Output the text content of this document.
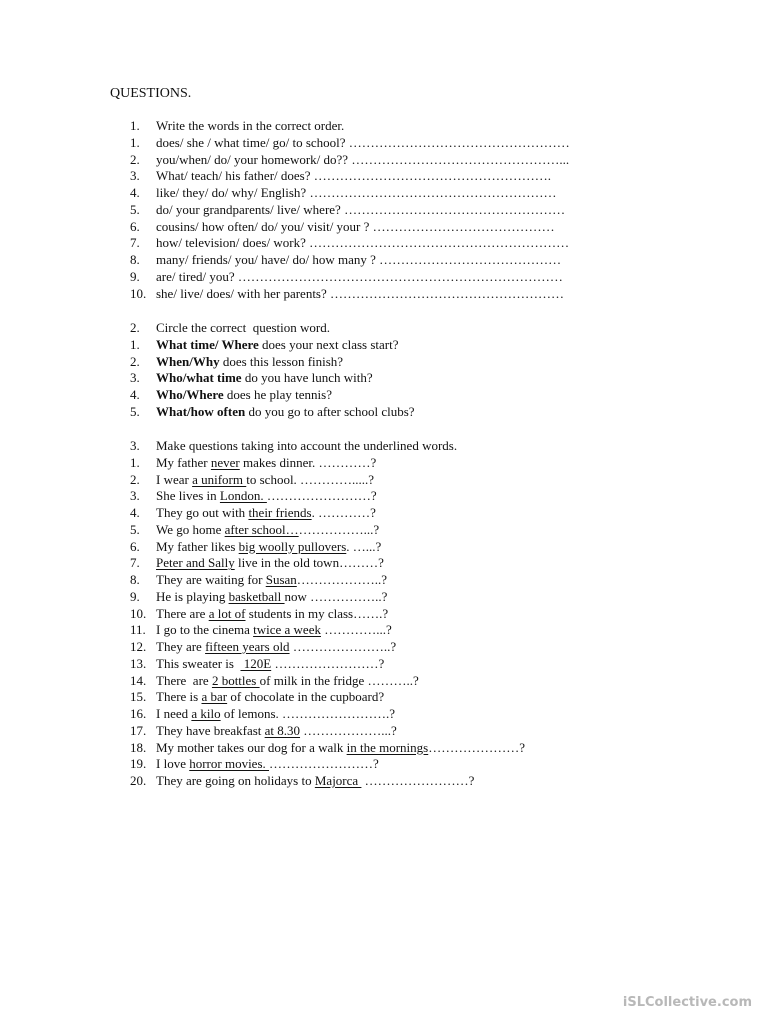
QUESTIONS.
1. Write the words in the correct order.
1. does/ she / what time/ go/ to school? ……………………………………………
2. you/when/ do/ your homework/ do?? …………………………………………...
3. What/ teach/ his father/ does? ……………………………………………….
4. like/ they/ do/ why/ English? …………………………………………………
5. do/ your grandparents/ live/ where? ……………………………………………
6. cousins/ how often/ do/ you/ visit/ your ? ……………………………………
7. how/ television/ does/ work? ……………………………………………………
8. many/ friends/ you/ have/ do/ how many ? ……………………………………
9. are/ tired/ you? …………………………………………………………………
10. she/ live/ does/ with her parents? ………………………………………………
2. Circle the correct  question word.
1. What time/ Where does your next class start?
2. When/Why does this lesson finish?
3. Who/what time do you have lunch with?
4. Who/Where does he play tennis?
5. What/how often do you go to after school clubs?
3. Make questions taking into account the underlined words.
1. My father never makes dinner. …………?
2. I wear a uniform to school. ………….....?
3. She lives in London. ……………………?
4. They go out with their friends. …………?
5. We go home after school………………...?
6. My father likes big woolly pullovers. …...?
7. Peter and Sally live in the old town………?
8. They are waiting for Susan………………..?
9. He is playing basketball now ……………..?
10. There are a lot of students in my class…….?
11. I go to the cinema twice a week …………...?
12. They are fifteen years old …………………..?
13. This sweater is   120E ……………………?
14. There  are 2 bottles of milk in the fridge ………..?
15. There is a bar of chocolate in the cupboard?
16. I need a kilo of lemons. …………………….?
17. They have breakfast at 8.30 ………………...?
18. My mother takes our dog for a walk in the mornings…………………?
19. I love horror movies. ……………………?
20. They are going on holidays to Majorca  ……………………?
iSLCollective.com
